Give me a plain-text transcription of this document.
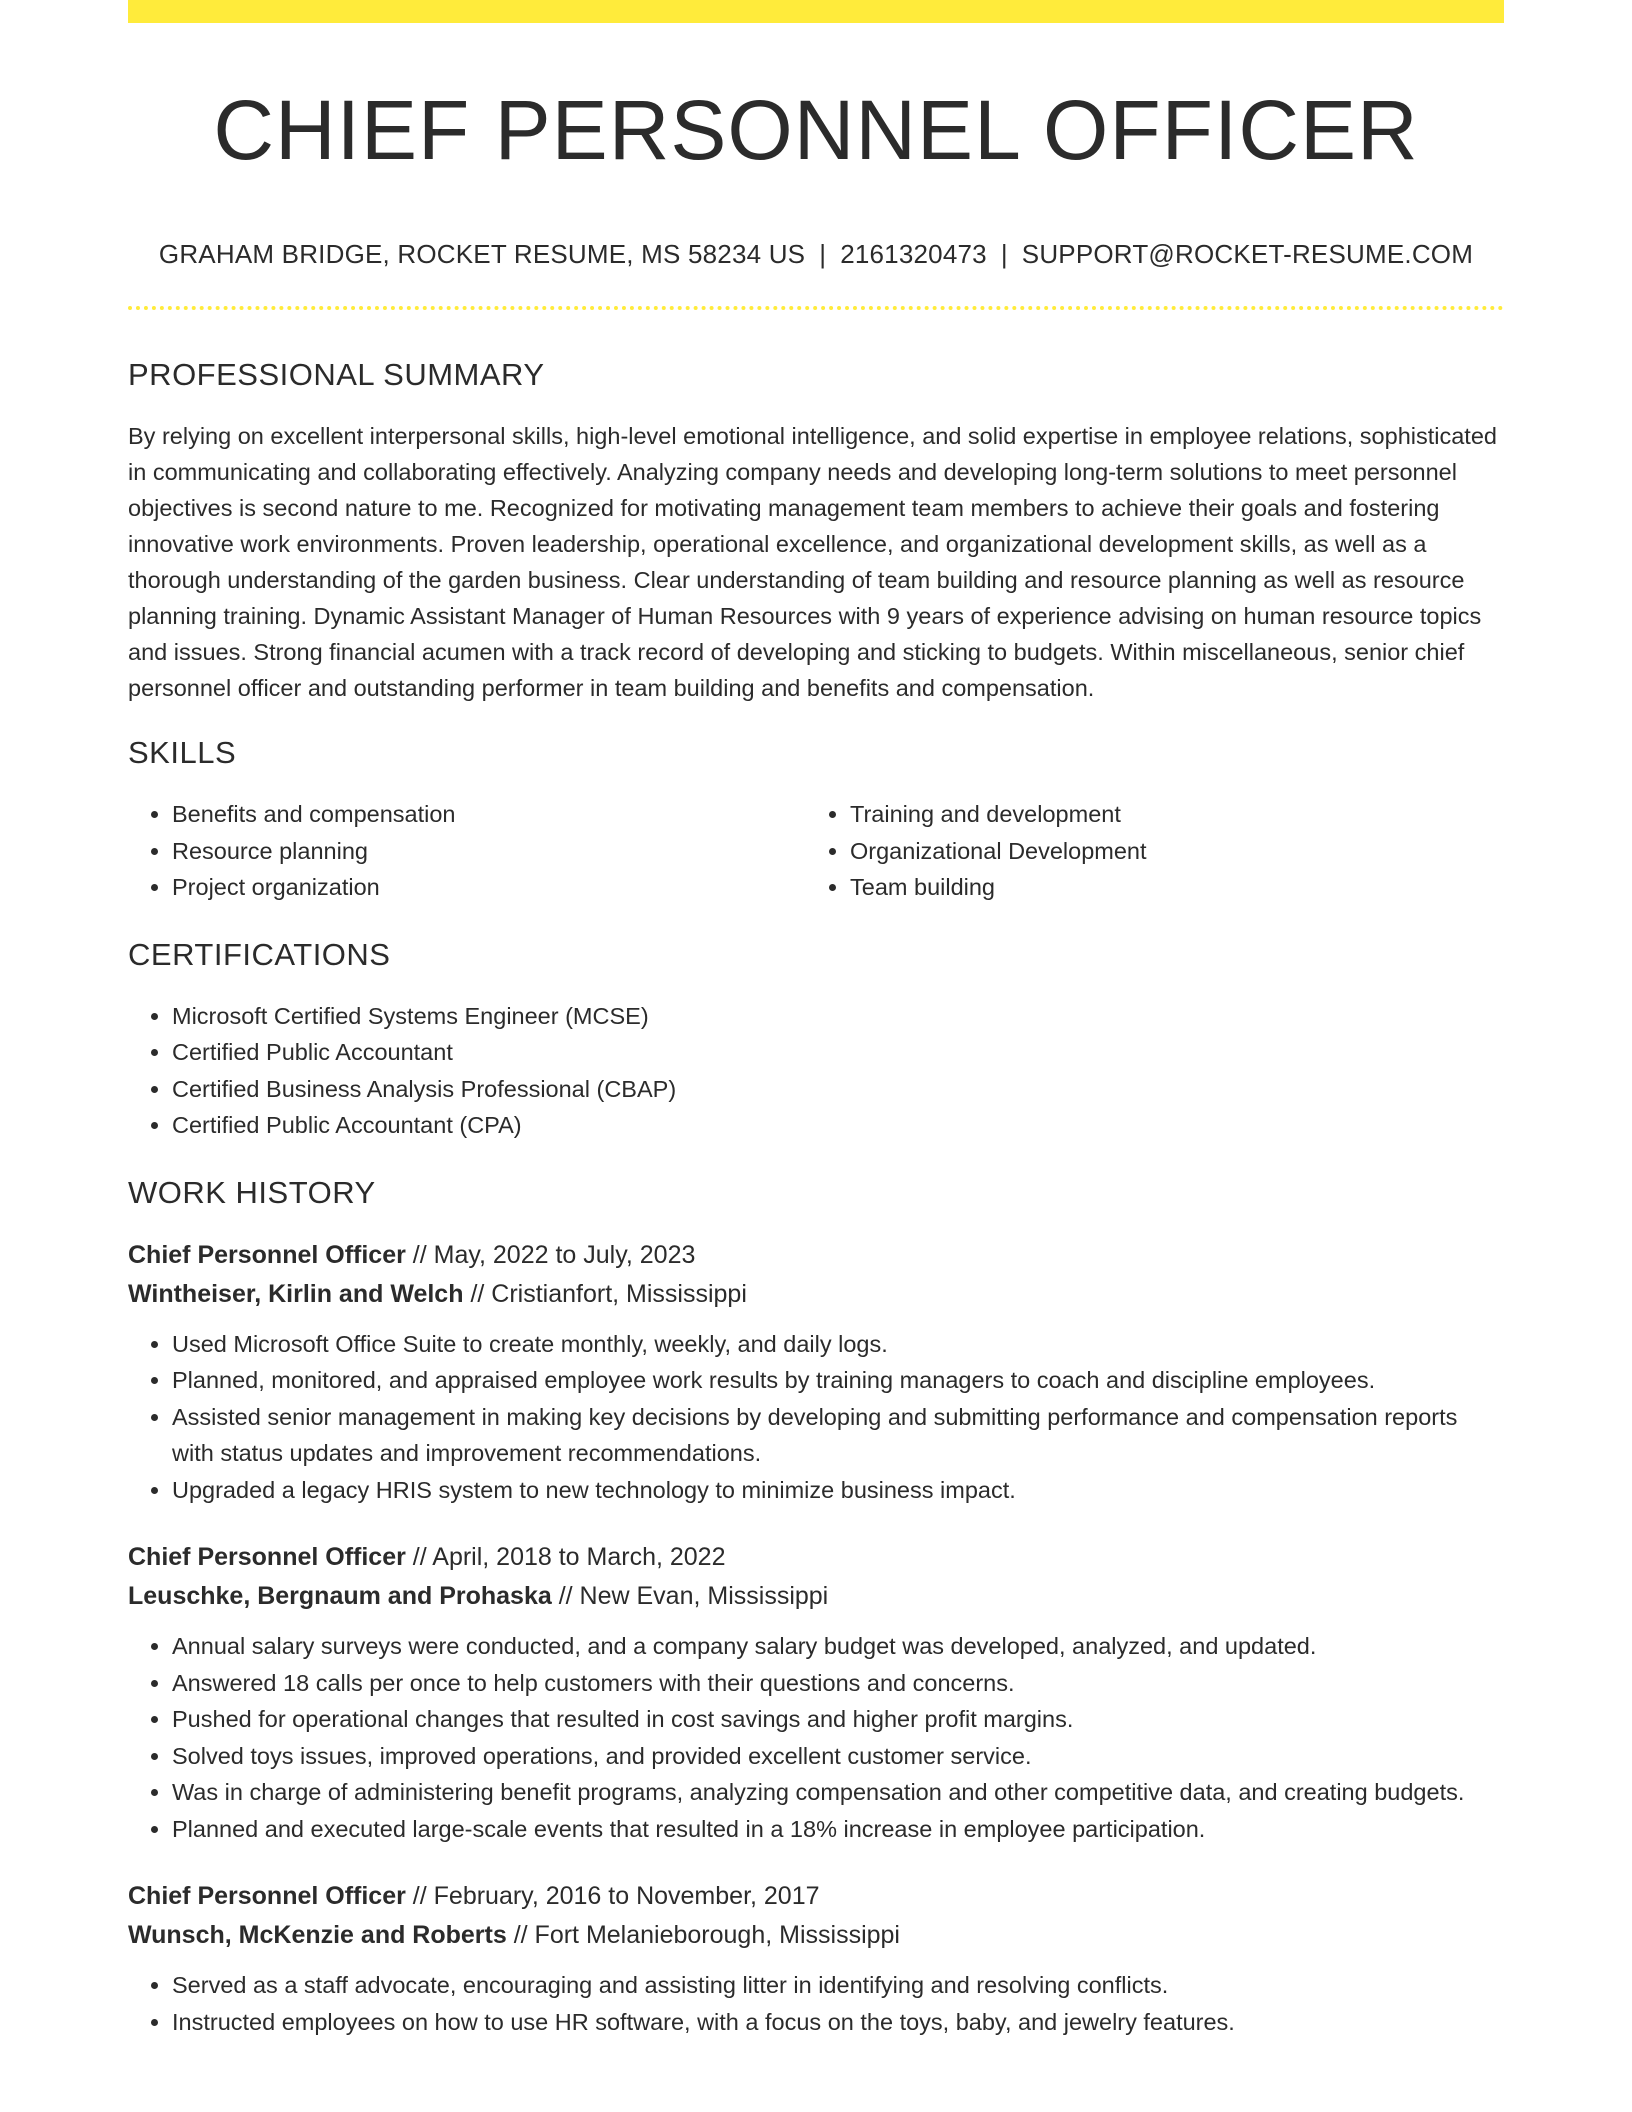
CHIEF PERSONNEL OFFICER
GRAHAM BRIDGE, ROCKET RESUME, MS 58234 US | 2161320473 | SUPPORT@ROCKET-RESUME.COM
PROFESSIONAL SUMMARY

By relying on excellent interpersonal skills, high-level emotional intelligence, and solid expertise in employee relations, sophisticated in communicating and collaborating effectively. Analyzing company needs and developing long-term solutions to meet personnel objectives is second nature to me. Recognized for motivating management team members to achieve their goals and fostering innovative work environments. Proven leadership, operational excellence, and organizational development skills, as well as a thorough understanding of the garden business. Clear understanding of team building and resource planning as well as resource planning training. Dynamic Assistant Manager of Human Resources with 9 years of experience advising on human resource topics and issues. Strong financial acumen with a track record of developing and sticking to budgets. Within miscellaneous, senior chief personnel officer and outstanding performer in team building and benefits and compensation.

SKILLS
• Benefits and compensation
• Resource planning
• Project organization
• Training and development
• Organizational Development
• Team building
CERTIFICATIONS
• Microsoft Certified Systems Engineer (MCSE)
• Certified Public Accountant
• Certified Business Analysis Professional (CBAP)
• Certified Public Accountant (CPA)
WORK HISTORY

Chief Personnel Officer // May, 2022 to July, 2023

Wintheiser, Kirlin and Welch // Cristianfort, Mississippi

• Used Microsoft Office Suite to create monthly, weekly, and daily logs.
• Planned, monitored, and appraised employee work results by training managers to coach and discipline employees.
• Assisted senior management in making key decisions by developing and submitting performance and compensation reports with status updates and improvement recommendations.
• Upgraded a legacy HRIS system to new technology to minimize business impact.

Chief Personnel Officer // April, 2018 to March, 2022

Leuschke, Bergnaum and Prohaska // New Evan, Mississippi

• Annual salary surveys were conducted, and a company salary budget was developed, analyzed, and updated.
• Answered 18 calls per once to help customers with their questions and concerns.
• Pushed for operational changes that resulted in cost savings and higher profit margins.
• Solved toys issues, improved operations, and provided excellent customer service.
• Was in charge of administering benefit programs, analyzing compensation and other competitive data, and creating budgets.
• Planned and executed large-scale events that resulted in a 18% increase in employee participation.

Chief Personnel Officer // February, 2016 to November, 2017

Wunsch, McKenzie and Roberts // Fort Melanieborough, Mississippi

• Served as a staff advocate, encouraging and assisting litter in identifying and resolving conflicts.
• Instructed employees on how to use HR software, with a focus on the toys, baby, and jewelry features.
